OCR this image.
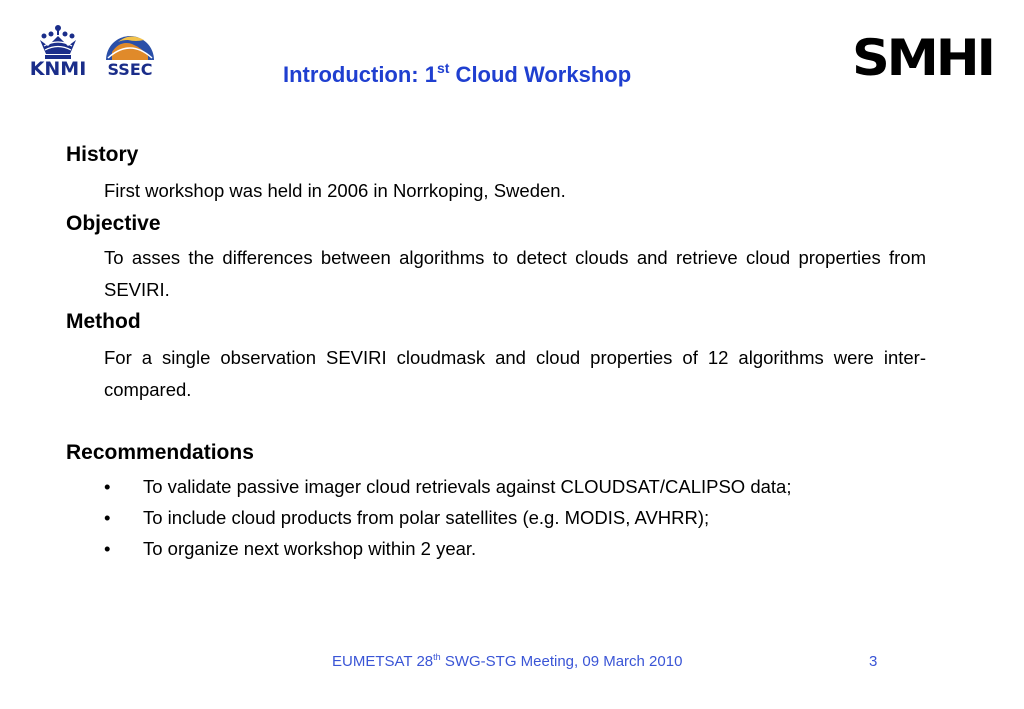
KNMI	SSEC	SMHI
Introduction: 1st Cloud Workshop
History
First workshop was held in 2006 in Norrkoping, Sweden.
Objective
To asses the differences between algorithms to detect clouds and retrieve cloud properties from SEVIRI.
Method
For a single observation SEVIRI cloudmask and cloud properties of 12 algorithms were inter-compared.
Recommendations
• To validate passive imager cloud retrievals against CLOUDSAT/CALIPSO data;
• To include cloud products from polar satellites (e.g. MODIS, AVHRR);
• To organize next workshop within 2 year.
EUMETSAT 28th SWG-STG Meeting, 09 March 2010	3
